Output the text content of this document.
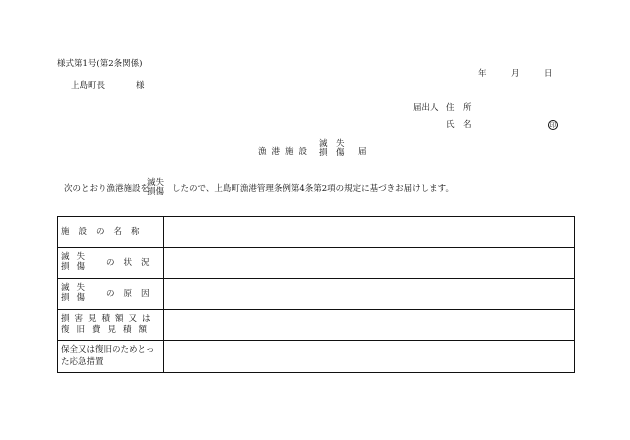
様式第1号(第2条関係)
年	月	日
上島町長	様
届出人 住　所
氏　名	印
漁港施設
滅　失
損　傷 届
次のとおり漁港施設を
滅失
損傷 したので、上島町漁港管理条例第4条第2項の規定に基づきお届けします。
施設の名称	

滅失
損傷 の状況	

滅失
損傷 の原因	

損害見積額又は
復旧費見積額	

保全又は復旧のためとっ
た応急措置	
